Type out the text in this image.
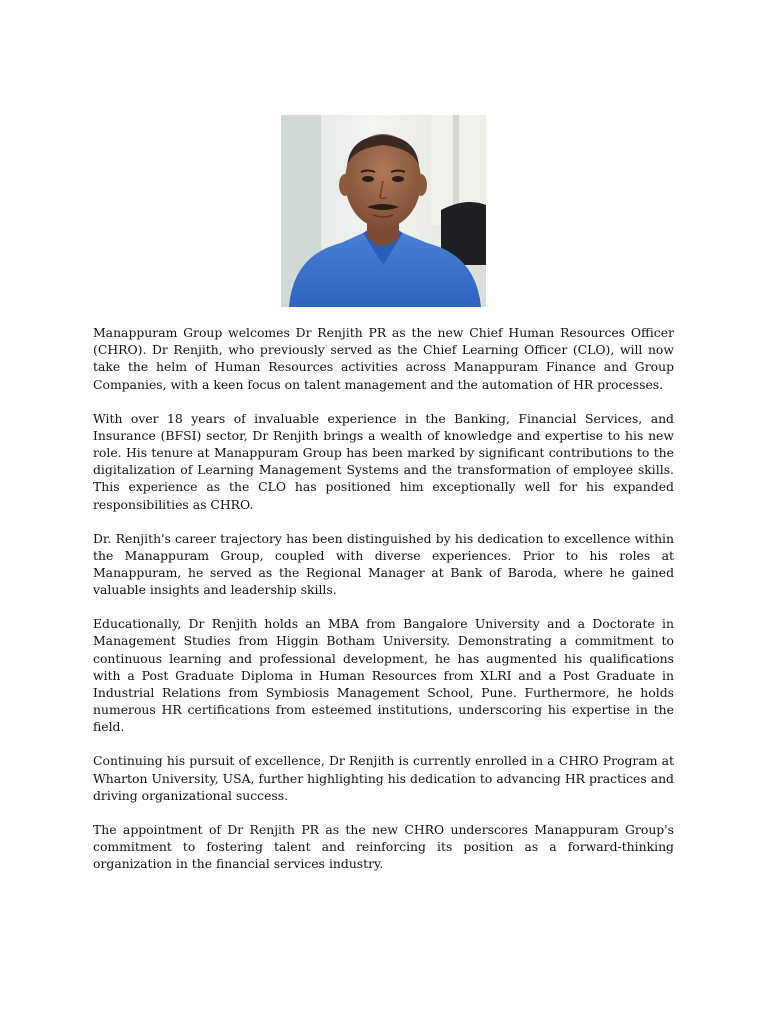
Manappuram Group welcomes Dr Renjith PR as the new Chief Human Resources Officer (CHRO). Dr Renjith, who previously served as the Chief Learning Officer (CLO), will now take the helm of Human Resources activities across Manappuram Finance and Group Companies, with a keen focus on talent management and the automation of HR processes.

With over 18 years of invaluable experience in the Banking, Financial Services, and Insurance (BFSI) sector, Dr Renjith brings a wealth of knowledge and expertise to his new role. His tenure at Manappuram Group has been marked by significant contributions to the digitalization of Learning Management Systems and the transformation of employee skills. This experience as the CLO has positioned him exceptionally well for his expanded responsibilities as CHRO.

Dr. Renjith's career trajectory has been distinguished by his dedication to excellence within the Manappuram Group, coupled with diverse experiences. Prior to his roles at Manappuram, he served as the Regional Manager at Bank of Baroda, where he gained valuable insights and leadership skills.

Educationally, Dr Renjith holds an MBA from Bangalore University and a Doctorate in Management Studies from Higgin Botham University. Demonstrating a commitment to continuous learning and professional development, he has augmented his qualifications with a Post Graduate Diploma in Human Resources from XLRI and a Post Graduate in Industrial Relations from Symbiosis Management School, Pune. Furthermore, he holds numerous HR certifications from esteemed institutions, underscoring his expertise in the field.

Continuing his pursuit of excellence, Dr Renjith is currently enrolled in a CHRO Program at Wharton University, USA, further highlighting his dedication to advancing HR practices and driving organizational success.

The appointment of Dr Renjith PR as the new CHRO underscores Manappuram Group's commitment to fostering talent and reinforcing its position as a forward-thinking organization in the financial services industry.
